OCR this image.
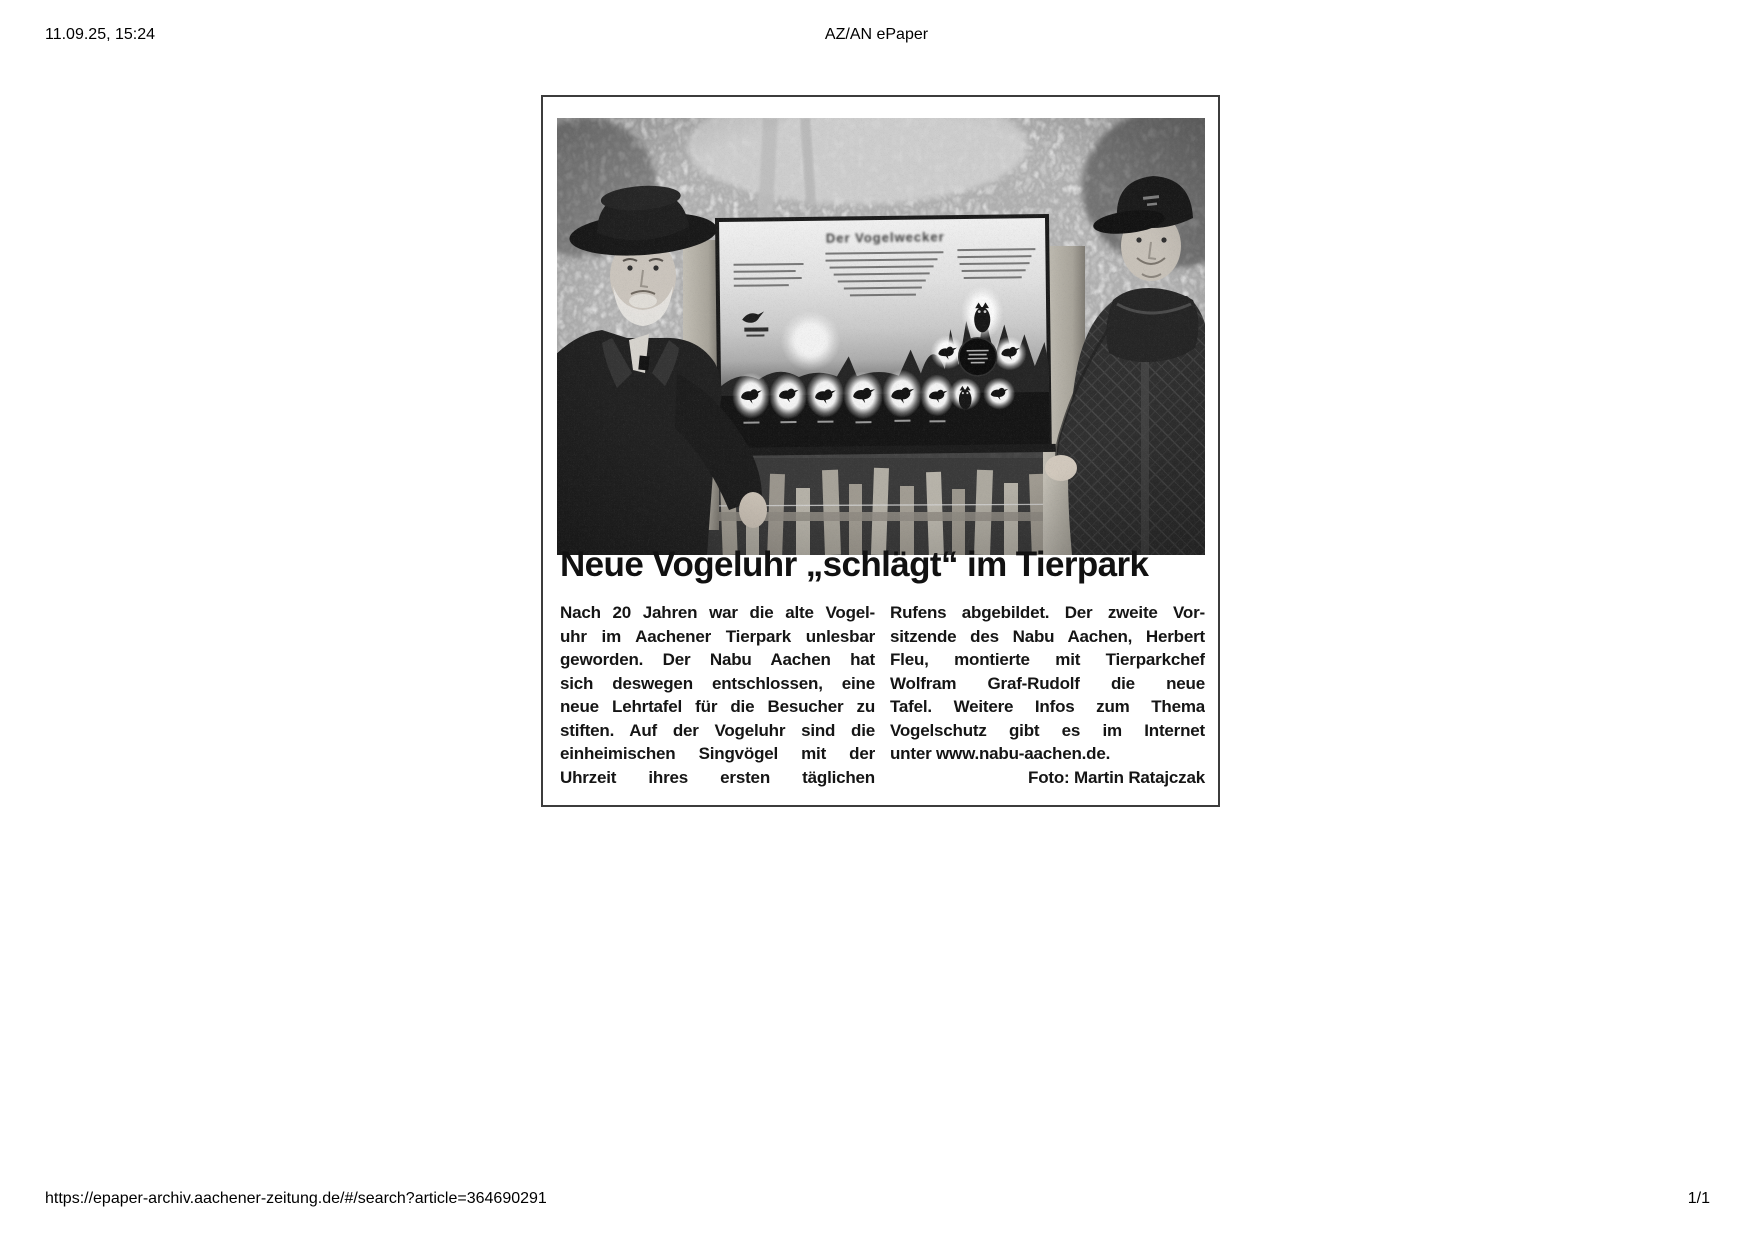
11.09.25, 15:24	AZ/AN ePaper
Neue Vogeluhr „schlägt“ im Tierpark
Nach 20 Jahren war die alte Vogel-
uhr im Aachener Tierpark unlesbar
geworden. Der Nabu Aachen hat
sich deswegen entschlossen, eine
neue Lehrtafel für die Besucher zu
stiften. Auf der Vogeluhr sind die
einheimischen Singvögel mit der
Uhrzeit ihres ersten täglichen
Rufens abgebildet. Der zweite Vor-
sitzende des Nabu Aachen, Herbert
Fleu, montierte mit Tierparkchef
Wolfram Graf-Rudolf die neue
Tafel. Weitere Infos zum Thema
Vogelschutz gibt es im Internet
unter www.nabu-aachen.de.
Foto: Martin Ratajczak
https://epaper-archiv.aachener-zeitung.de/#/search?article=364690291	1/1
